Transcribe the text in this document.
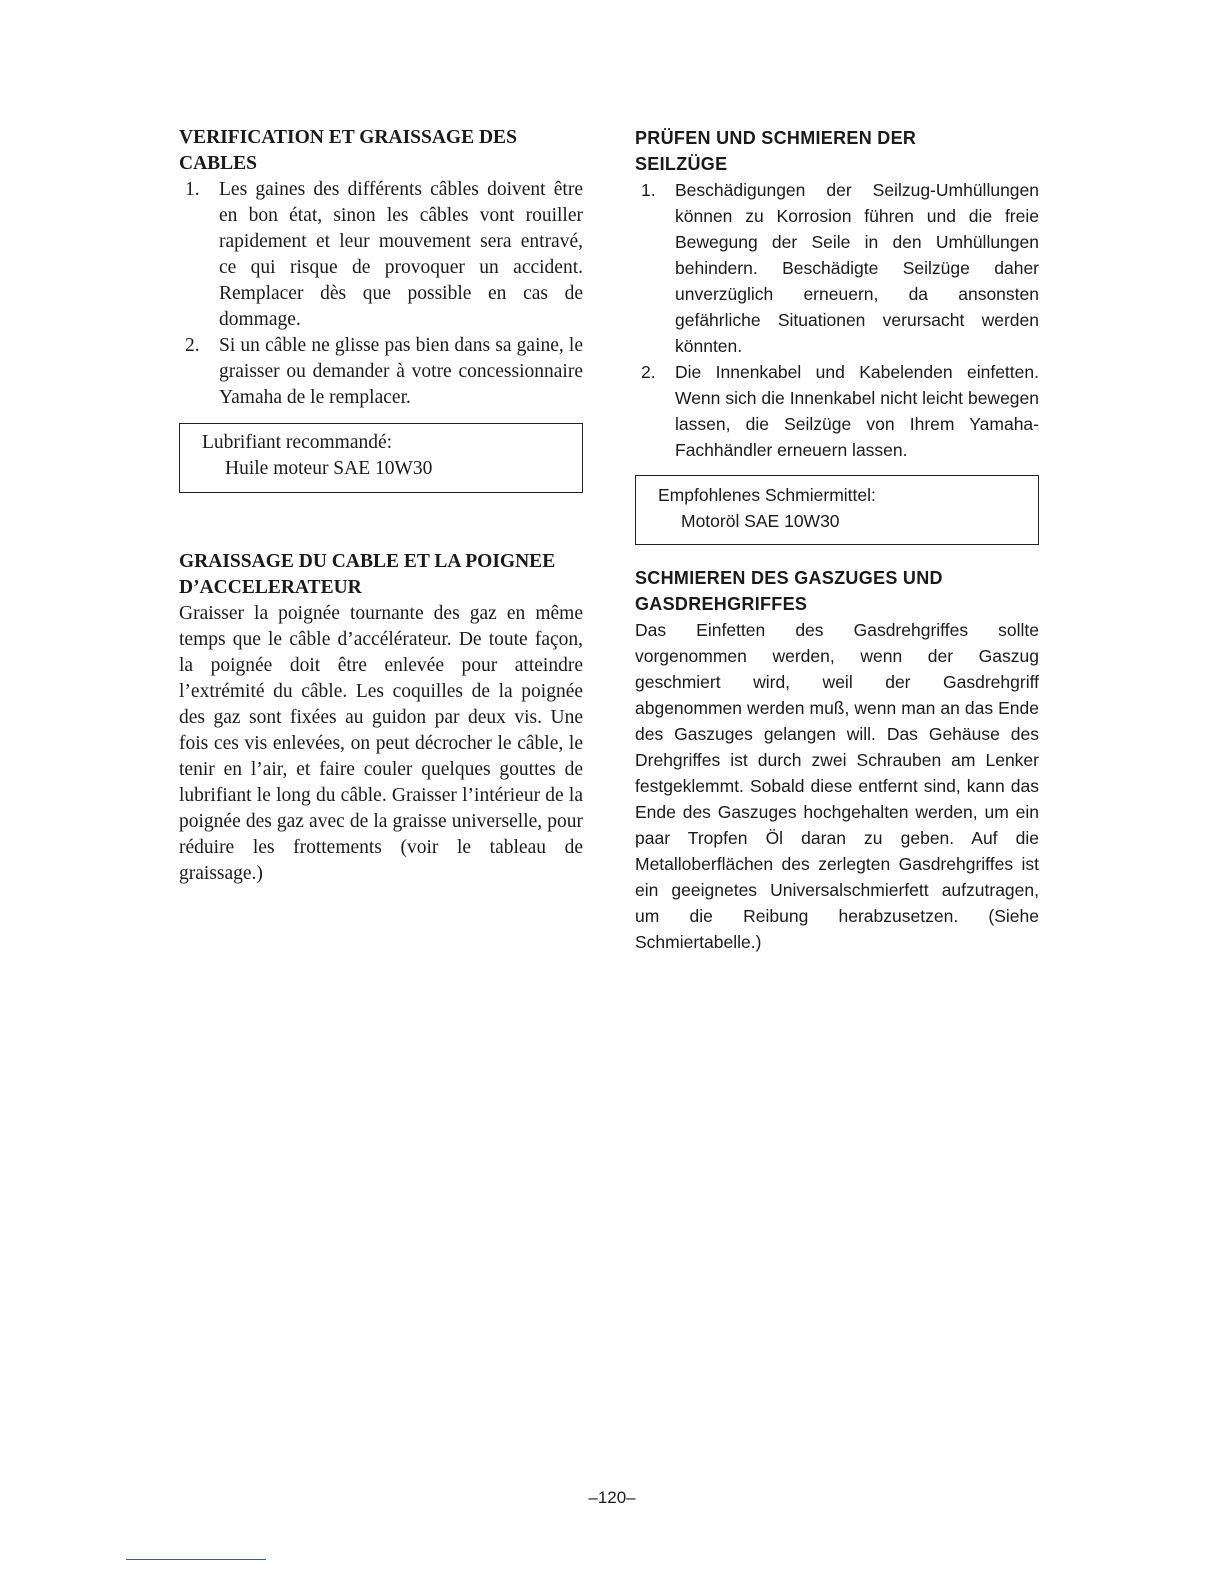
VERIFICATION ET GRAISSAGE DES
CABLES
1. Les gaines des différents câbles doivent être en bon état, sinon les câbles vont rouiller rapidement et leur mouvement sera entravé, ce qui risque de provoquer un accident. Remplacer dès que possible en cas de dommage.
2. Si un câble ne glisse pas bien dans sa gaine, le graisser ou demander à votre concessionnaire Yamaha de le remplacer.
Lubrifiant recommandé:
Huile moteur SAE 10W30
GRAISSAGE DU CABLE ET LA POIGNEE
D’ACCELERATEUR

Graisser la poignée tournante des gaz en même temps que le câble d’accélérateur. De toute façon, la poignée doit être enlevée pour atteindre l’extrémité du câble. Les coquilles de la poignée des gaz sont fixées au guidon par deux vis. Une fois ces vis enlevées, on peut décrocher le câble, le tenir en l’air, et faire couler quelques gouttes de lubrifiant le long du câble. Graisser l’intérieur de la poignée des gaz avec de la graisse universelle, pour réduire les frottements (voir le tableau de graissage.)

PRÜFEN UND SCHMIEREN DER
SEILZÜGE
1. Beschädigungen der Seilzug-Umhüllungen können zu Korrosion führen und die freie Bewegung der Seile in den Umhüllungen behindern. Beschädigte Seilzüge daher unverzüglich erneuern, da ansonsten gefährliche Situationen verursacht werden könnten.
2. Die Innenkabel und Kabelenden einfetten. Wenn sich die Innenkabel nicht leicht bewegen lassen, die Seilzüge von Ihrem Yamaha-Fachhändler erneuern lassen.
Empfohlenes Schmiermittel:
Motoröl SAE 10W30
SCHMIEREN DES GASZUGES UND
GASDREHGRIFFES

Das Einfetten des Gasdrehgriffes sollte vorgenommen werden, wenn der Gaszug geschmiert wird, weil der Gasdrehgriff abgenommen werden muß, wenn man an das Ende des Gaszuges gelangen will. Das Gehäuse des Drehgriffes ist durch zwei Schrauben am Lenker festgeklemmt. Sobald diese entfernt sind, kann das Ende des Gaszuges hochgehalten werden, um ein paar Tropfen Öl daran zu geben. Auf die Metalloberflächen des zerlegten Gasdrehgriffes ist ein geeignetes Universalschmierfett aufzutragen, um die Reibung herabzusetzen. (Siehe Schmiertabelle.)

–120–
